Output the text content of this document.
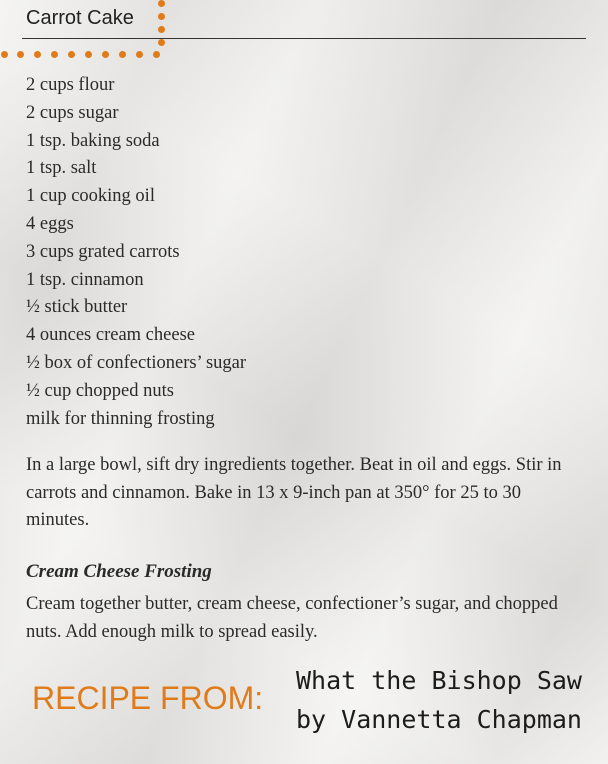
Carrot Cake
2 cups flour
2 cups sugar
1 tsp. baking soda
1 tsp. salt
1 cup cooking oil
4 eggs
3 cups grated carrots
1 tsp. cinnamon
½ stick butter
4 ounces cream cheese
½ box of confectioners’ sugar
½ cup chopped nuts
milk for thinning frosting

In a large bowl, sift dry ingredients together. Beat in oil and eggs. Stir in carrots and cinnamon. Bake in 13 x 9-inch pan at 350° for 25 to 30 minutes.

Cream Cheese Frosting

Cream together butter, cream cheese, confectioner’s sugar, and chopped nuts. Add enough milk to spread easily.

RECIPE FROM: What the Bishop Saw
by Vannetta Chapman
